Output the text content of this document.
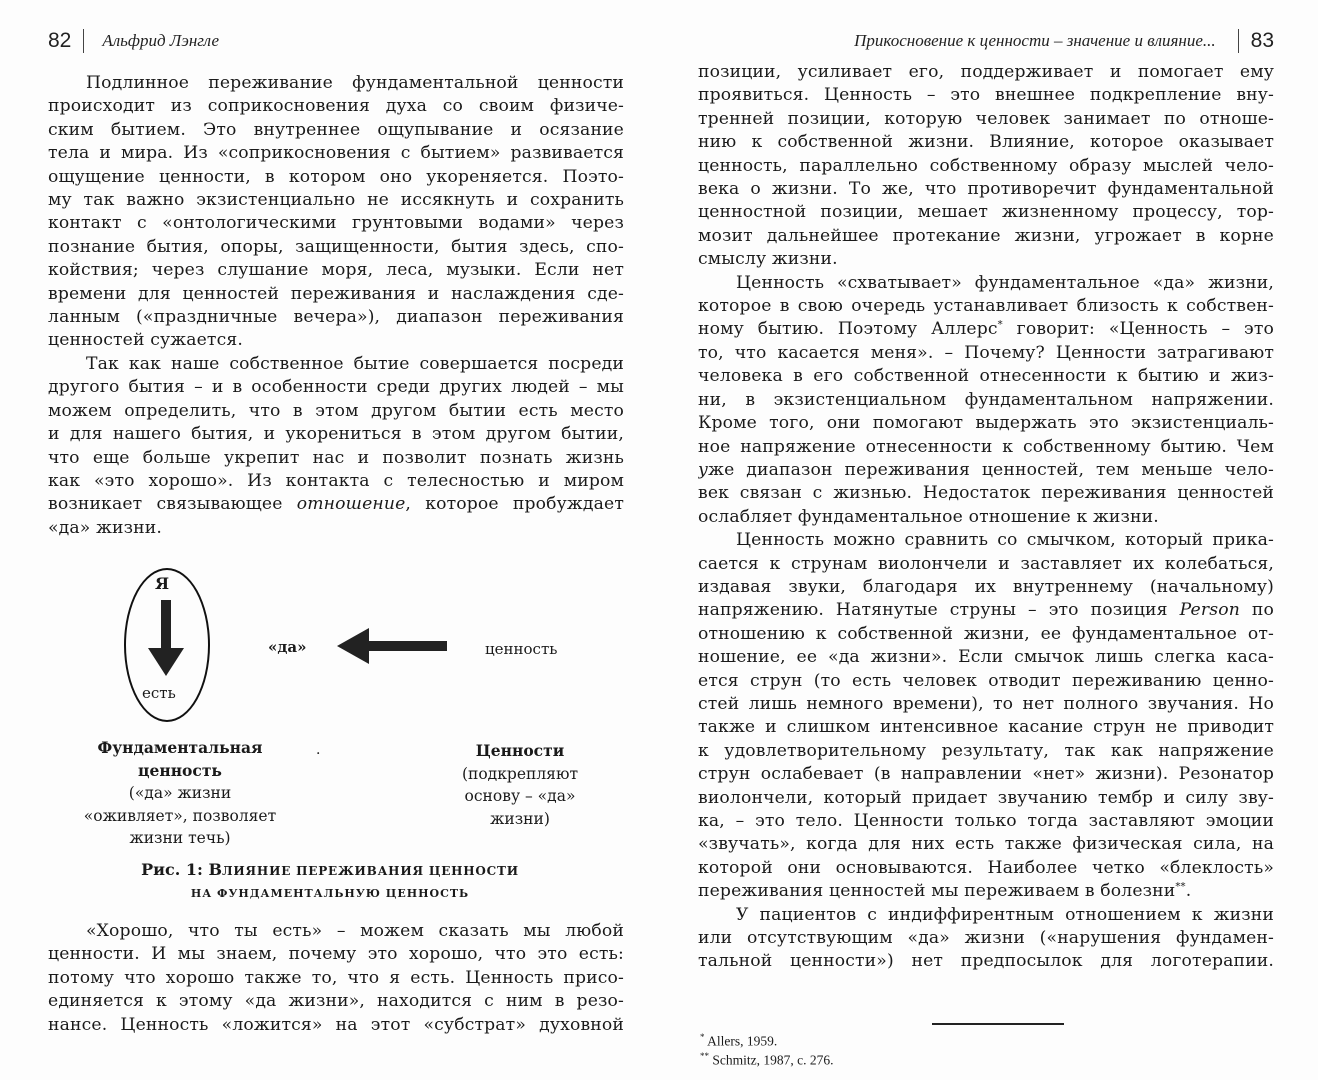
82 Альфрид Лэнгле
Подлинное переживание фундаментальной ценности
происходит из соприкосновения духа со своим физиче-
ским бытием. Это внутреннее ощупывание и осязание
тела и мира. Из «соприкосновения с бытием» развивается
ощущение ценности, в котором оно укореняется. Поэто-
му так важно экзистенциально не иссякнуть и сохранить
контакт с «онтологическими грунтовыми водами» через
познание бытия, опоры, защищенности, бытия здесь, спо-
койствия; через слушание моря, леса, музыки. Если нет
времени для ценностей переживания и наслаждения сде-
ланным («праздничные вечера»), диапазон переживания
ценностей сужается.
Так как наше собственное бытие совершается посреди
другого бытия – и в особенности среди других людей – мы
можем определить, что в этом другом бытии есть место
и для нашего бытия, и укорениться в этом другом бытии,
что еще больше укрепит нас и позволит познать жизнь
как «это хорошо». Из контакта с телесностью и миром
возникает связывающее отношение, которое пробуждает
«да» жизни.
Я
есть
«да»	ценность
Фундаментальная
ценность
(«да» жизни
«оживляет», позволяет
жизни течь)
·	Ценности
(подкрепляют
основу – «да»
жизни)
Рис. 1: ВЛИЯНИЕ ПЕРЕЖИВАНИЯ ЦЕННОСТИ
НА ФУНДАМЕНТАЛЬНУЮ ЦЕННОСТЬ
«Хорошо, что ты есть» – можем сказать мы любой
ценности. И мы знаем, почему это хорошо, что это есть:
потому что хорошо также то, что я есть. Ценность присо-
единяется к этому «да жизни», находится с ним в резо-
нансе. Ценность «ложится» на этот «субстрат» духовной
Прикосновение к ценности – значение и влияние... 83
позиции, усиливает его, поддерживает и помогает ему
проявиться. Ценность – это внешнее подкрепление вну-
тренней позиции, которую человек занимает по отноше-
нию к собственной жизни. Влияние, которое оказывает
ценность, параллельно собственному образу мыслей чело-
века о жизни. То же, что противоречит фундаментальной
ценностной позиции, мешает жизненному процессу, тор-
мозит дальнейшее протекание жизни, угрожает в корне
смыслу жизни.
Ценность «схватывает» фундаментальное «да» жизни,
которое в свою очередь устанавливает близость к собствен-
ному бытию. Поэтому Аллерс* говорит: «Ценность – это
то, что касается меня». – Почему? Ценности затрагивают
человека в его собственной отнесенности к бытию и жиз-
ни, в экзистенциальном фундаментальном напряжении.
Кроме того, они помогают выдержать это экзистенциаль-
ное напряжение отнесенности к собственному бытию. Чем
уже диапазон переживания ценностей, тем меньше чело-
век связан с жизнью. Недостаток переживания ценностей
ослабляет фундаментальное отношение к жизни.
Ценность можно сравнить со смычком, который прика-
сается к струнам виолончели и заставляет их колебаться,
издавая звуки, благодаря их внутреннему (начальному)
напряжению. Натянутые струны – это позиция Person по
отношению к собственной жизни, ее фундаментальное от-
ношение, ее «да жизни». Если смычок лишь слегка каса-
ется струн (то есть человек отводит переживанию ценно-
стей лишь немного времени), то нет полного звучания. Но
также и слишком интенсивное касание струн не приводит
к удовлетворительному результату, так как напряжение
струн ослабевает (в направлении «нет» жизни). Резонатор
виолончели, который придает звучанию тембр и силу зву-
ка, – это тело. Ценности только тогда заставляют эмоции
«звучать», когда для них есть также физическая сила, на
которой они основываются. Наиболее четко «блеклость»
переживания ценностей мы переживаем в болезни**.
У пациентов с индиффирентным отношением к жизни
или отсутствующим «да» жизни («нарушения фундамен-
тальной ценности») нет предпосылок для логотерапии.
* Allers, 1959.
** Schmitz, 1987, с. 276.
